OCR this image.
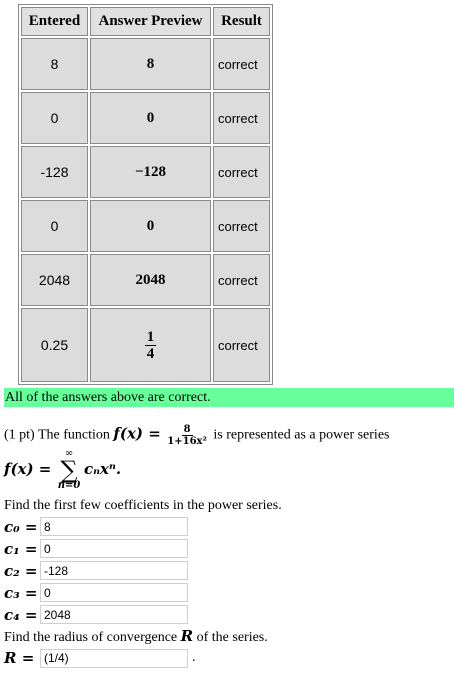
Entered	Answer Preview	Result
8	8	correct
0	0	correct
-128	−128	correct
0	0	correct
2048	2048	correct
0.25	$\frac{1}{4}$	correct
All of the answers above are correct.
(1 pt) The function $f(x) = \frac{8}{\text{1+16x²}}$ is represented as a power series
f(x) =
∞
∑
n=0
cₙxⁿ.
Find the first few coefficients in the power series.
c₀ =
8
c₁ =
0
c₂ =
-128
c₃ =
0
c₄ =
2048
Find the radius of convergence R of the series.
R =
(1/4)	.
